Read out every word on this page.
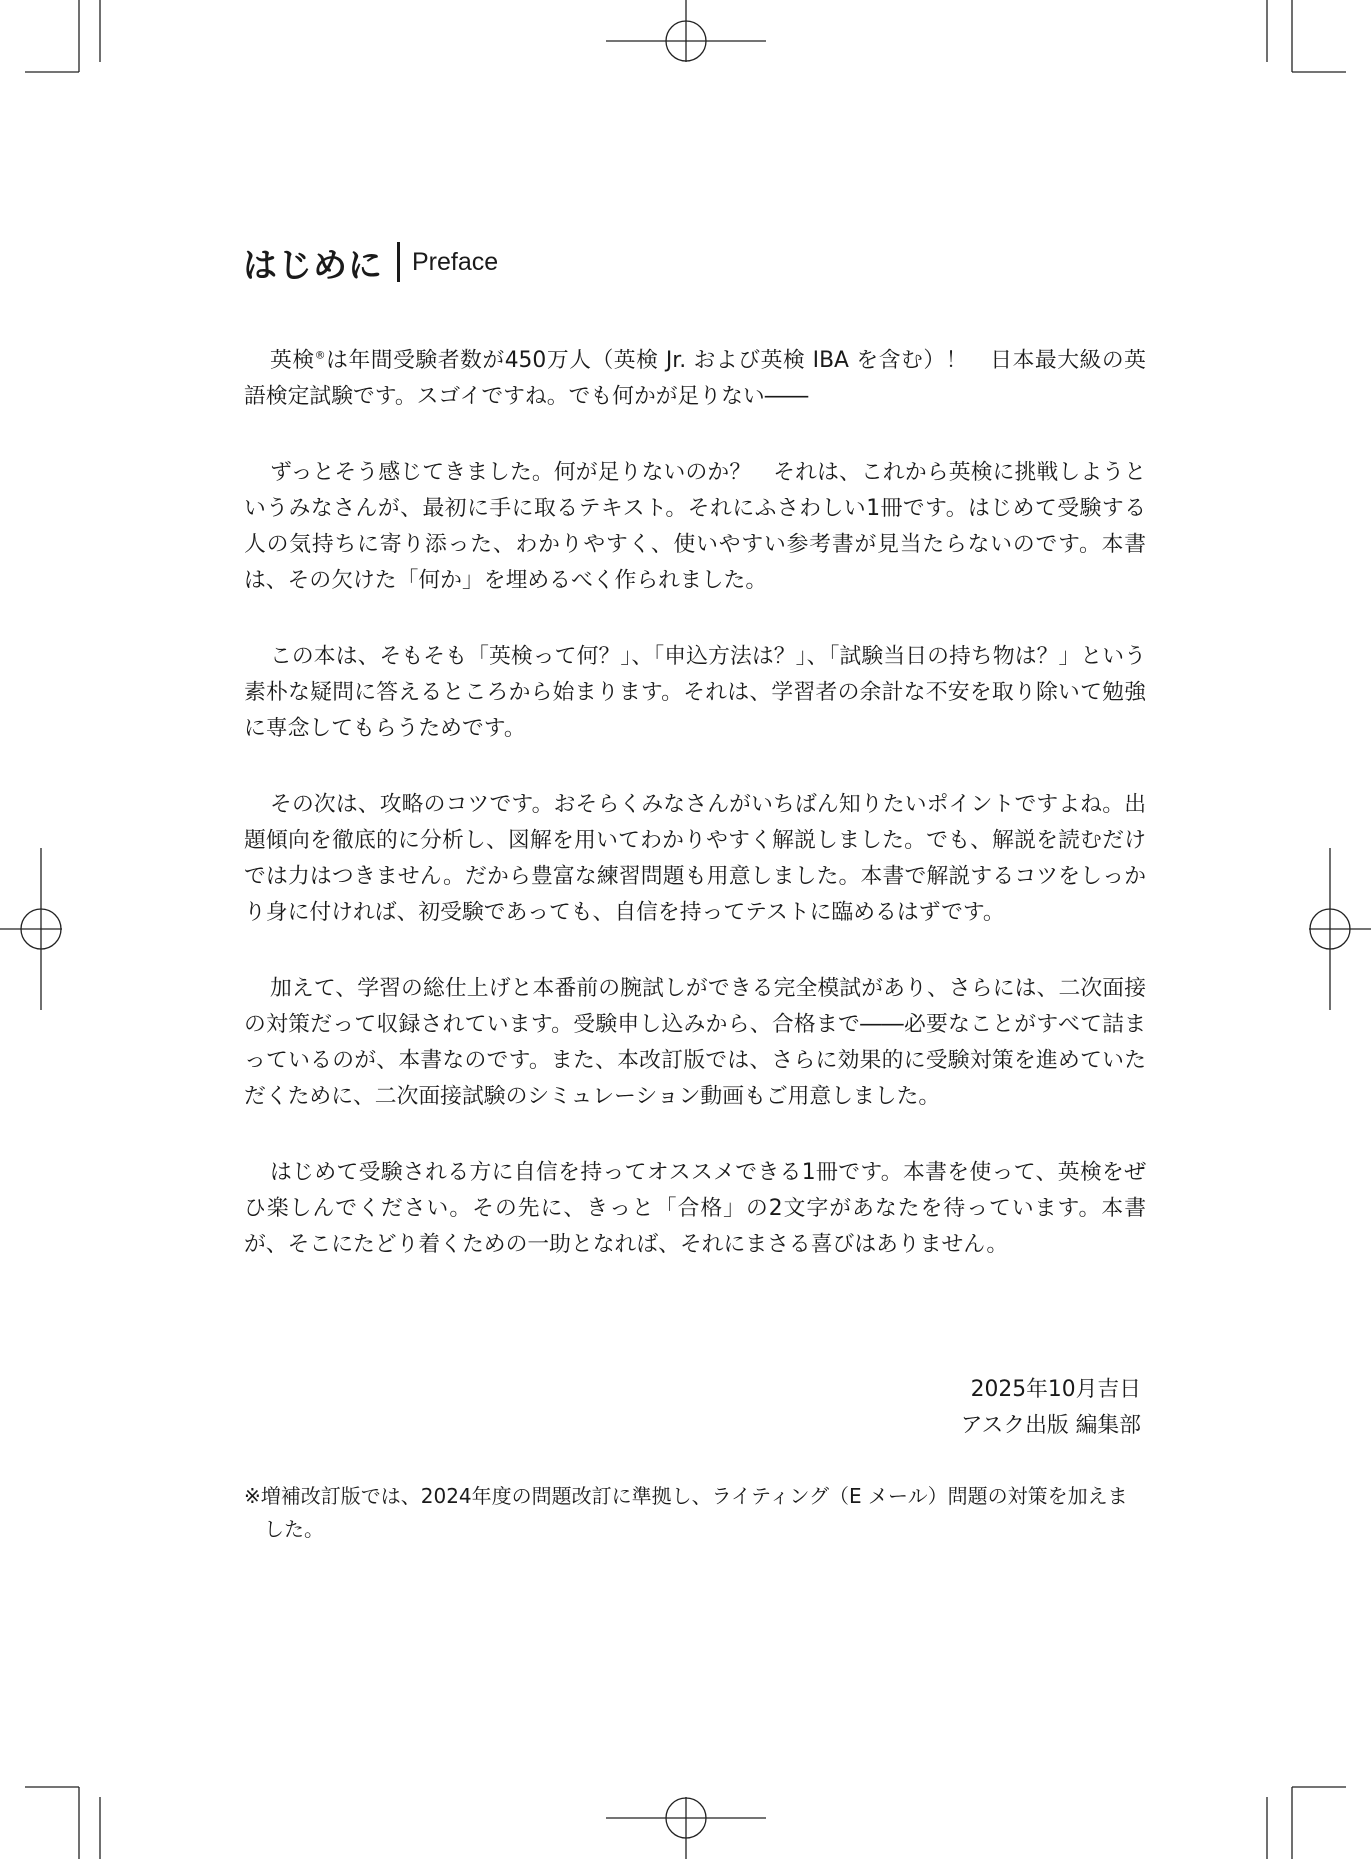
はじめに Preface

英検®は年間受験者数が450万人（英検 Jr. および英検 IBA を含む）！　日本最大級の英語検定試験です。スゴイですね。でも何かが足りない――

ずっとそう感じてきました。何が足りないのか？　それは、これから英検に挑戦しようというみなさんが、最初に手に取るテキスト。それにふさわしい1冊です。はじめて受験する人の気持ちに寄り添った、わかりやすく、使いやすい参考書が見当たらないのです。本書は、その欠けた「何か」を埋めるべく作られました。

この本は、そもそも「英検って何？」、「申込方法は？」、「試験当日の持ち物は？」という素朴な疑問に答えるところから始まります。それは、学習者の余計な不安を取り除いて勉強に専念してもらうためです。

その次は、攻略のコツです。おそらくみなさんがいちばん知りたいポイントですよね。出題傾向を徹底的に分析し、図解を用いてわかりやすく解説しました。でも、解説を読むだけでは力はつきません。だから豊富な練習問題も用意しました。本書で解説するコツをしっかり身に付ければ、初受験であっても、自信を持ってテストに臨めるはずです。

加えて、学習の総仕上げと本番前の腕試しができる完全模試があり、さらには、二次面接の対策だって収録されています。受験申し込みから、合格まで――必要なことがすべて詰まっているのが、本書なのです。また、本改訂版では、さらに効果的に受験対策を進めていただくために、二次面接試験のシミュレーション動画もご用意しました。

はじめて受験される方に自信を持ってオススメできる1冊です。本書を使って、英検をぜひ楽しんでください。その先に、きっと「合格」の2文字があなたを待っています。本書が、そこにたどり着くための一助となれば、それにまさる喜びはありません。

2025年10月吉日
アスク出版 編集部
※増補改訂版では、2024年度の問題改訂に準拠し、ライティング（E メール）問題の対策を加えました。
